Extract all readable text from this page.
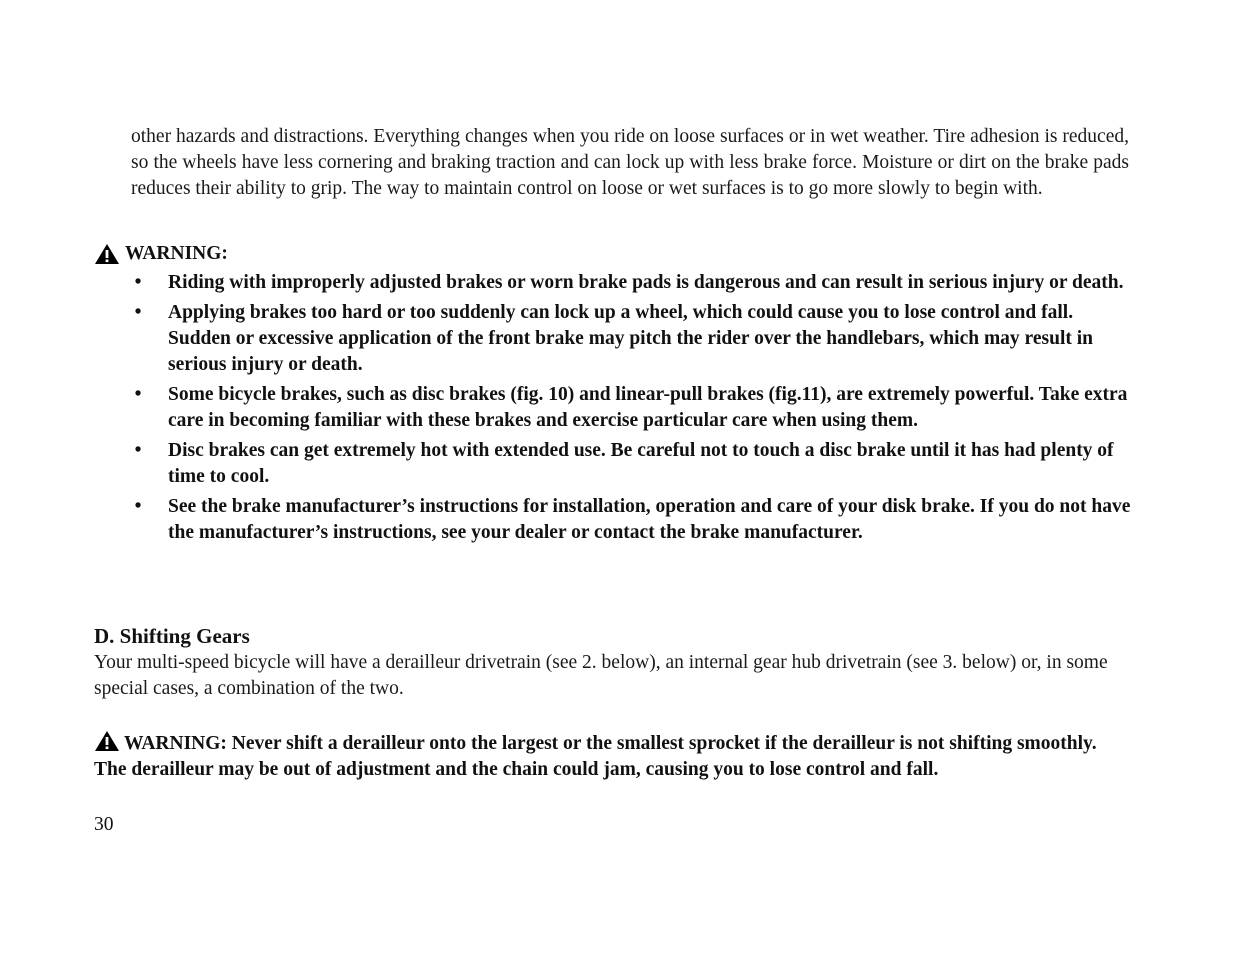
other hazards and distractions. Everything changes when you ride on loose surfaces or in wet weather. Tire adhesion is reduced, so the wheels have less cornering and braking traction and can lock up with less brake force. Moisture or dirt on the brake pads reduces their ability to grip. The way to maintain control on loose or wet surfaces is to go more slowly to begin with.

WARNING:
• Riding with improperly adjusted brakes or worn brake pads is dangerous and can result in serious injury or death.
• Applying brakes too hard or too suddenly can lock up a wheel, which could cause you to lose control and fall. Sudden or excessive application of the front brake may pitch the rider over the handlebars, which may result in serious injury or death.
• Some bicycle brakes, such as disc brakes (fig. 10) and linear-pull brakes (fig.11), are extremely powerful. Take extra care in becoming familiar with these brakes and exercise particular care when using them.
• Disc brakes can get extremely hot with extended use. Be careful not to touch a disc brake until it has had plenty of time to cool.
• See the brake manufacturer’s instructions for installation, operation and care of your disk brake. If you do not have the manufacturer’s instructions, see your dealer or contact the brake manufacturer.
D. Shifting Gears

Your multi-speed bicycle will have a derailleur drivetrain (see 2. below), an internal gear hub drivetrain (see 3. below) or, in some special cases, a combination of the two.

WARNING: Never shift a derailleur onto the largest or the smallest sprocket if the derailleur is not shifting smoothly. The derailleur may be out of adjustment and the chain could jam, causing you to lose control and fall.

30
